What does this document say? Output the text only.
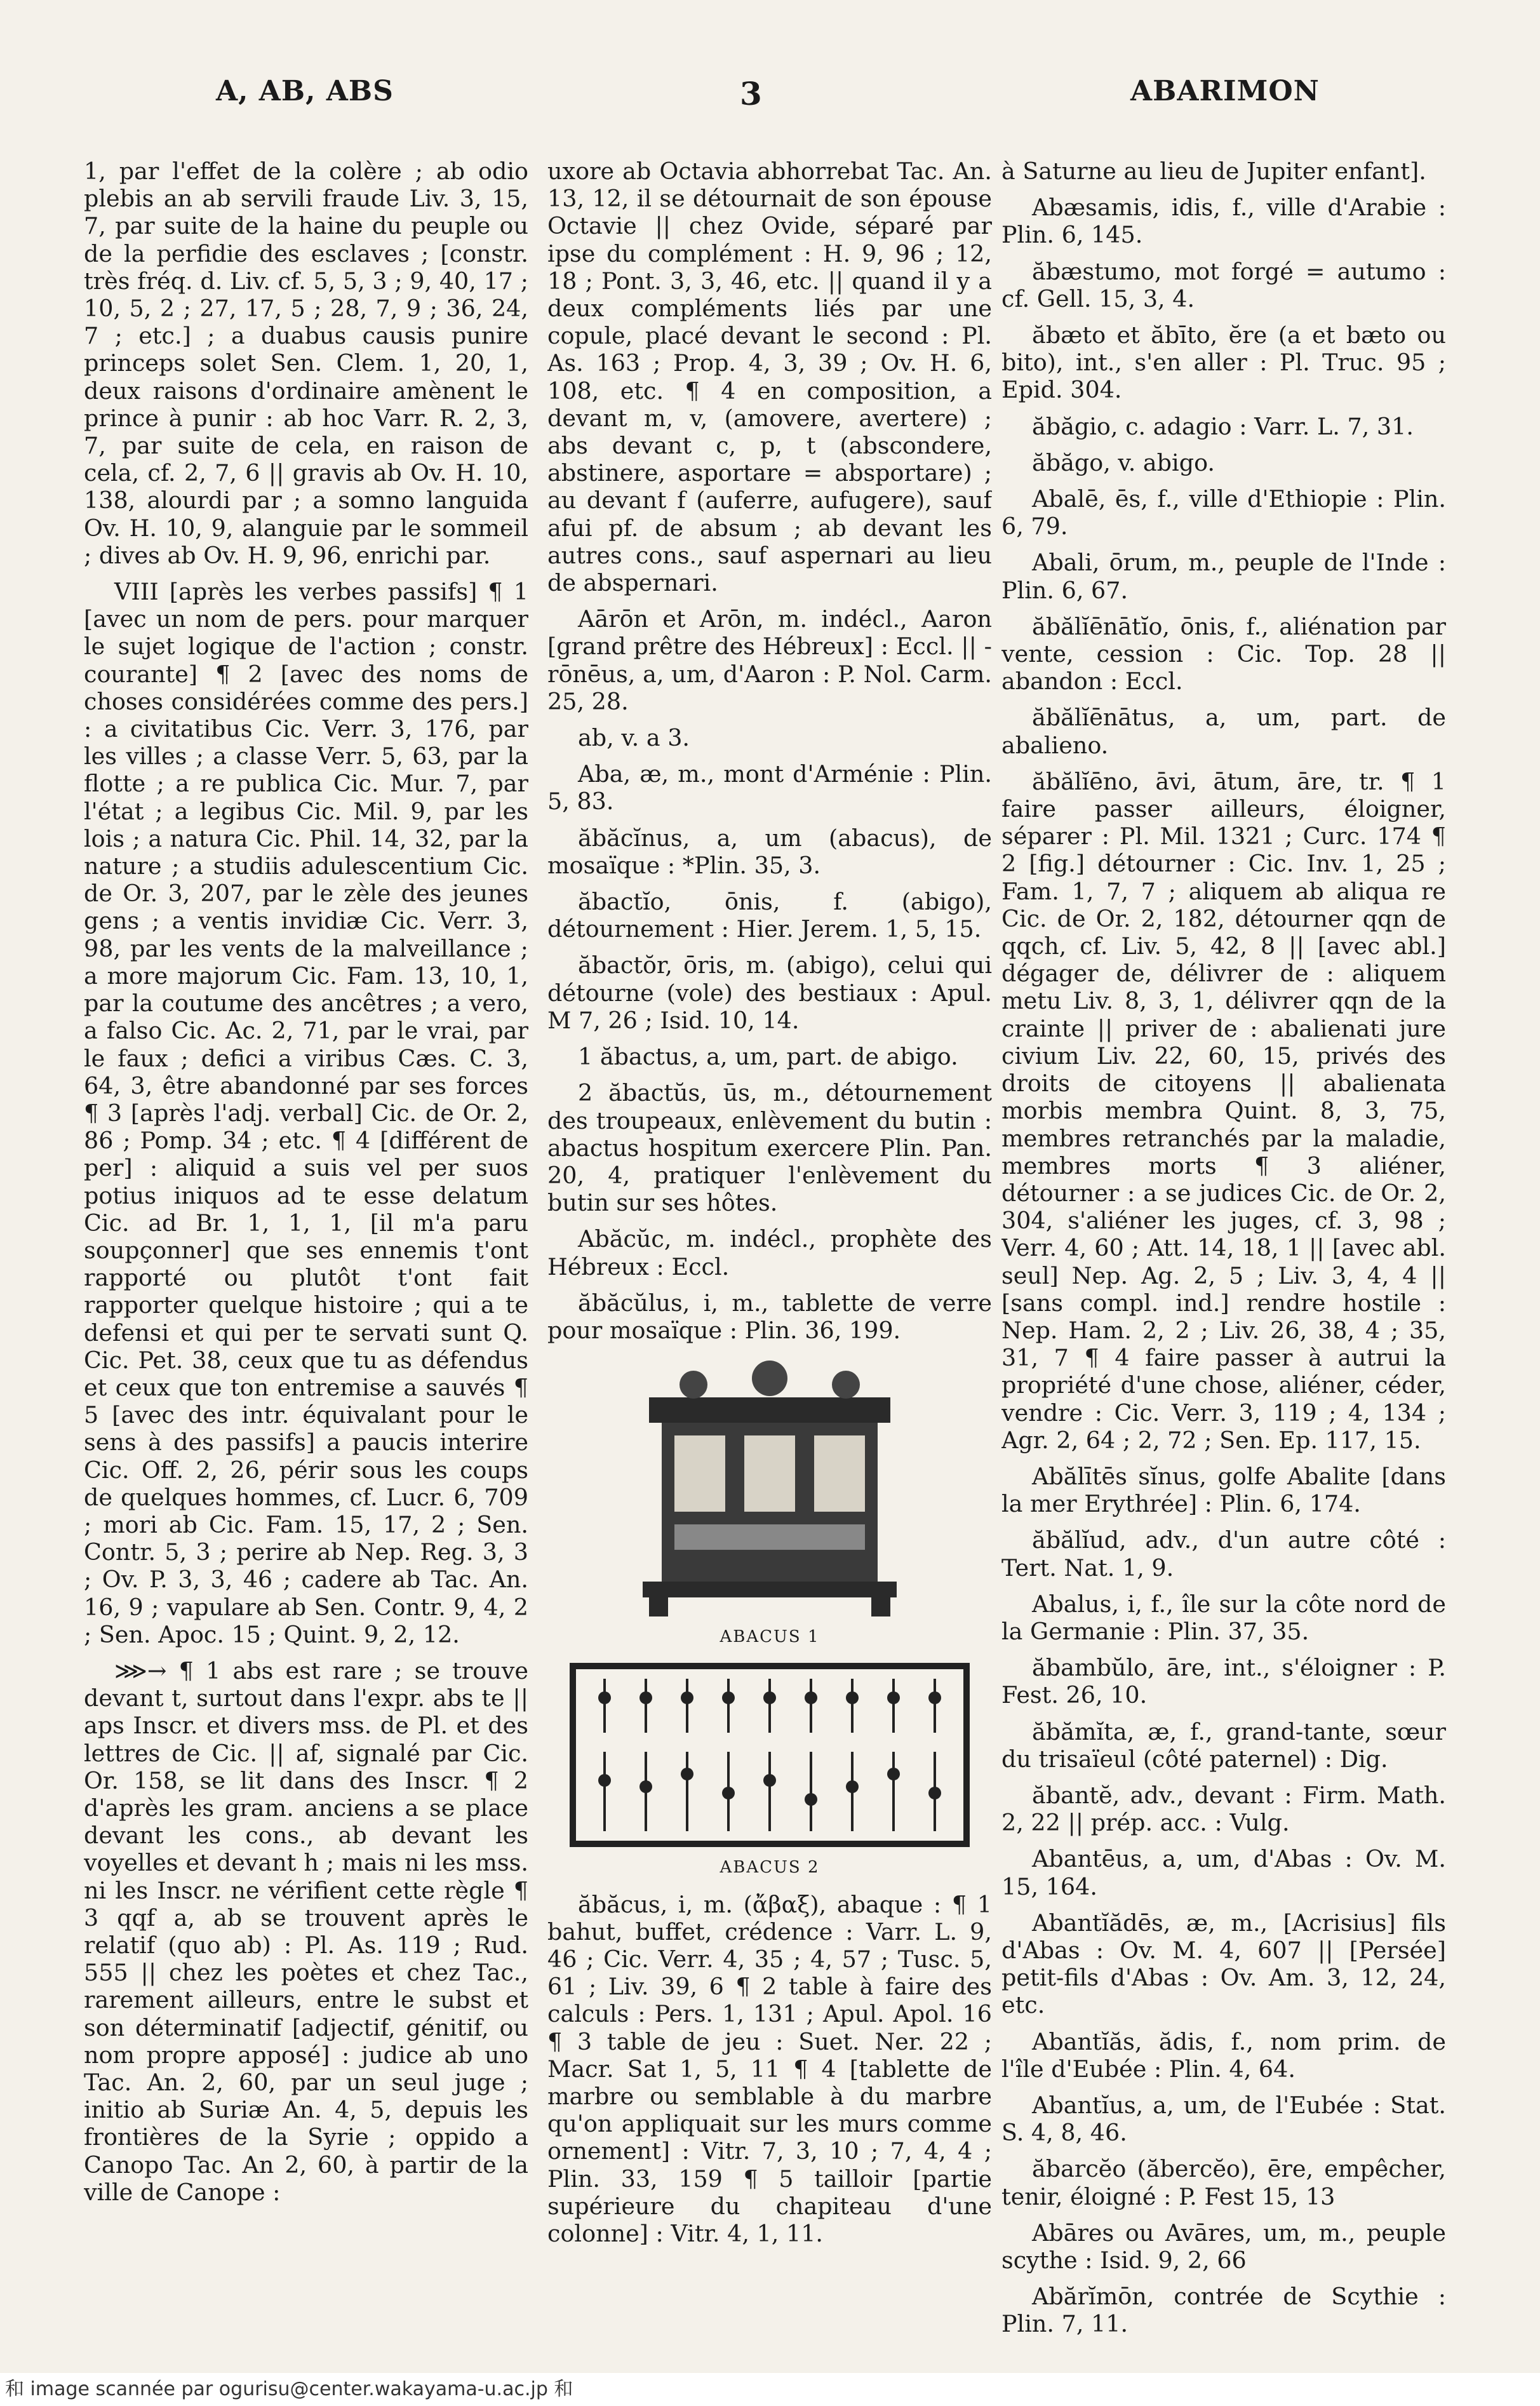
A, AB, ABS	3	ABARIMON

1, par l'effet de la colère ; ab odio plebis an ab servili fraude Liv. 3, 15, 7, par suite de la haine du peuple ou de la perfidie des esclaves ; [constr. très fréq. d. Liv. cf. 5, 5, 3 ; 9, 40, 17 ; 10, 5, 2 ; 27, 17, 5 ; 28, 7, 9 ; 36, 24, 7 ; etc.] ; a duabus causis punire princeps solet Sen. Clem. 1, 20, 1, deux raisons d'ordinaire amènent le prince à punir : ab hoc Varr. R. 2, 3, 7, par suite de cela, en raison de cela, cf. 2, 7, 6 || gravis ab Ov. H. 10, 138, alourdi par ; a somno languida Ov. H. 10, 9, alanguie par le sommeil ; dives ab Ov. H. 9, 96, enrichi par.

VIII [après les verbes passifs] ¶ 1 [avec un nom de pers. pour marquer le sujet logique de l'action ; constr. courante] ¶ 2 [avec des noms de choses considérées comme des pers.] : a civitatibus Cic. Verr. 3, 176, par les villes ; a classe Verr. 5, 63, par la flotte ; a re publica Cic. Mur. 7, par l'état ; a legibus Cic. Mil. 9, par les lois ; a natura Cic. Phil. 14, 32, par la nature ; a studiis adulescentium Cic. de Or. 3, 207, par le zèle des jeunes gens ; a ventis invidiæ Cic. Verr. 3, 98, par les vents de la malveillance ; a more majorum Cic. Fam. 13, 10, 1, par la coutume des ancêtres ; a vero, a falso Cic. Ac. 2, 71, par le vrai, par le faux ; defici a viribus Cæs. C. 3, 64, 3, être abandonné par ses forces ¶ 3 [après l'adj. verbal] Cic. de Or. 2, 86 ; Pomp. 34 ; etc. ¶ 4 [différent de per] : aliquid a suis vel per suos potius iniquos ad te esse delatum Cic. ad Br. 1, 1, 1, [il m'a paru soupçonner] que ses ennemis t'ont rapporté ou plutôt t'ont fait rapporter quelque histoire ; qui a te defensi et qui per te servati sunt Q. Cic. Pet. 38, ceux que tu as défendus et ceux que ton entremise a sauvés ¶ 5 [avec des intr. équivalant pour le sens à des passifs] a paucis interire Cic. Off. 2, 26, périr sous les coups de quelques hommes, cf. Lucr. 6, 709 ; mori ab Cic. Fam. 15, 17, 2 ; Sen. Contr. 5, 3 ; perire ab Nep. Reg. 3, 3 ; Ov. P. 3, 3, 46 ; cadere ab Tac. An. 16, 9 ; vapulare ab Sen. Contr. 9, 4, 2 ; Sen. Apoc. 15 ; Quint. 9, 2, 12.

⋙→ ¶ 1 abs est rare ; se trouve devant t, surtout dans l'expr. abs te || aps Inscr. et divers mss. de Pl. et des lettres de Cic. || af, signalé par Cic. Or. 158, se lit dans des Inscr. ¶ 2 d'après les gram. anciens a se place devant les cons., ab devant les voyelles et devant h ; mais ni les mss. ni les Inscr. ne vérifient cette règle ¶ 3 qqf a, ab se trouvent après le relatif (quo ab) : Pl. As. 119 ; Rud. 555 || chez les poètes et chez Tac., rarement ailleurs, entre le subst et son déterminatif [adjectif, génitif, ou nom propre apposé] : judice ab uno Tac. An. 2, 60, par un seul juge ; initio ab Suriæ An. 4, 5, depuis les frontières de la Syrie ; oppido a Canopo Tac. An 2, 60, à partir de la ville de Canope :

uxore ab Octavia abhorrebat Tac. An. 13, 12, il se détournait de son épouse Octavie || chez Ovide, séparé par ipse du complément : H. 9, 96 ; 12, 18 ; Pont. 3, 3, 46, etc. || quand il y a deux compléments liés par une copule, placé devant le second : Pl. As. 163 ; Prop. 4, 3, 39 ; Ov. H. 6, 108, etc. ¶ 4 en composition, a devant m, v, (amovere, avertere) ; abs devant c, p, t (abscondere, abstinere, asportare = absportare) ; au devant f (auferre, aufugere), sauf afui pf. de absum ; ab devant les autres cons., sauf aspernari au lieu de abspernari.

Aārōn et Arōn, m. indécl., Aaron [grand prêtre des Hébreux] : Eccl. || -rōnēus, a, um, d'Aaron : P. Nol. Carm. 25, 28.

ab, v. a 3.

Aba, æ, m., mont d'Arménie : Plin. 5, 83.

ăbăcĭnus, a, um (abacus), de mosaïque : *Plin. 35, 3.

ăbactĭo, ōnis, f. (abigo), détournement : Hier. Jerem. 1, 5, 15.

ăbactŏr, ōris, m. (abigo), celui qui détourne (vole) des bestiaux : Apul. M 7, 26 ; Isid. 10, 14.

1 ăbactus, a, um, part. de abigo.

2 ăbactŭs, ūs, m., détournement des troupeaux, enlèvement du butin : abactus hospitum exercere Plin. Pan. 20, 4, pratiquer l'enlèvement du butin sur ses hôtes.

Abăcŭc, m. indécl., prophète des Hébreux : Eccl.

ăbăcŭlus, i, m., tablette de verre pour mosaïque : Plin. 36, 199.

ABACUS 1
ABACUS 2

ăbăcus, i, m. (ἄβαξ), abaque : ¶ 1 bahut, buffet, crédence : Varr. L. 9, 46 ; Cic. Verr. 4, 35 ; 4, 57 ; Tusc. 5, 61 ; Liv. 39, 6 ¶ 2 table à faire des calculs : Pers. 1, 131 ; Apul. Apol. 16 ¶ 3 table de jeu : Suet. Ner. 22 ; Macr. Sat 1, 5, 11 ¶ 4 [tablette de marbre ou semblable à du marbre qu'on appliquait sur les murs comme ornement] : Vitr. 7, 3, 10 ; 7, 4, 4 ; Plin. 33, 159 ¶ 5 tailloir [partie supérieure du chapiteau d'une colonne] : Vitr. 4, 1, 11.

à Saturne au lieu de Jupiter enfant].

Abæsamis, idis, f., ville d'Arabie : Plin. 6, 145.

ăbæstumo, mot forgé = autumo : cf. Gell. 15, 3, 4.

ăbæto et ăbīto, ĕre (a et bæto ou bito), int., s'en aller : Pl. Truc. 95 ; Epid. 304.

ăbăgio, c. adagio : Varr. L. 7, 31.

ăbăgo, v. abigo.

Abalē, ēs, f., ville d'Ethiopie : Plin. 6, 79.

Abali, ōrum, m., peuple de l'Inde : Plin. 6, 67.

ăbălĭēnātĭo, ōnis, f., aliénation par vente, cession : Cic. Top. 28 || abandon : Eccl.

ăbălĭēnātus, a, um, part. de abalieno.

ăbălĭēno, āvi, ātum, āre, tr. ¶ 1 faire passer ailleurs, éloigner, séparer : Pl. Mil. 1321 ; Curc. 174 ¶ 2 [fig.] détourner : Cic. Inv. 1, 25 ; Fam. 1, 7, 7 ; aliquem ab aliqua re Cic. de Or. 2, 182, détourner qqn de qqch, cf. Liv. 5, 42, 8 || [avec abl.] dégager de, délivrer de : aliquem metu Liv. 8, 3, 1, délivrer qqn de la crainte || priver de : abalienati jure civium Liv. 22, 60, 15, privés des droits de citoyens || abalienata morbis membra Quint. 8, 3, 75, membres retranchés par la maladie, membres morts ¶ 3 aliéner, détourner : a se judices Cic. de Or. 2, 304, s'aliéner les juges, cf. 3, 98 ; Verr. 4, 60 ; Att. 14, 18, 1 || [avec abl. seul] Nep. Ag. 2, 5 ; Liv. 3, 4, 4 || [sans compl. ind.] rendre hostile : Nep. Ham. 2, 2 ; Liv. 26, 38, 4 ; 35, 31, 7 ¶ 4 faire passer à autrui la propriété d'une chose, aliéner, céder, vendre : Cic. Verr. 3, 119 ; 4, 134 ; Agr. 2, 64 ; 2, 72 ; Sen. Ep. 117, 15.

Abălītēs sĭnus, golfe Abalite [dans la mer Erythrée] : Plin. 6, 174.

ăbălĭud, adv., d'un autre côté : Tert. Nat. 1, 9.

Abalus, i, f., île sur la côte nord de la Germanie : Plin. 37, 35.

ăbambŭlo, āre, int., s'éloigner : P. Fest. 26, 10.

ăbămĭta, æ, f., grand-tante, sœur du trisaïeul (côté paternel) : Dig.

ăbantĕ, adv., devant : Firm. Math. 2, 22 || prép. acc. : Vulg.

Abantēus, a, um, d'Abas : Ov. M. 15, 164.

Abantĭădēs, æ, m., [Acrisius] fils d'Abas : Ov. M. 4, 607 || [Persée] petit-fils d'Abas : Ov. Am. 3, 12, 24, etc.

Abantĭăs, ădis, f., nom prim. de l'île d'Eubée : Plin. 4, 64.

Abantĭus, a, um, de l'Eubée : Stat. S. 4, 8, 46.

ăbarcĕo (ăbercĕo), ēre, empêcher, tenir, éloigné : P. Fest 15, 13

Abāres ou Avāres, um, m., peuple scythe : Isid. 9, 2, 66

Abărĭmōn, contrée de Scythie : Plin. 7, 11.

和 image scannée par ogurisu@center.wakayama-u.ac.jp 和
